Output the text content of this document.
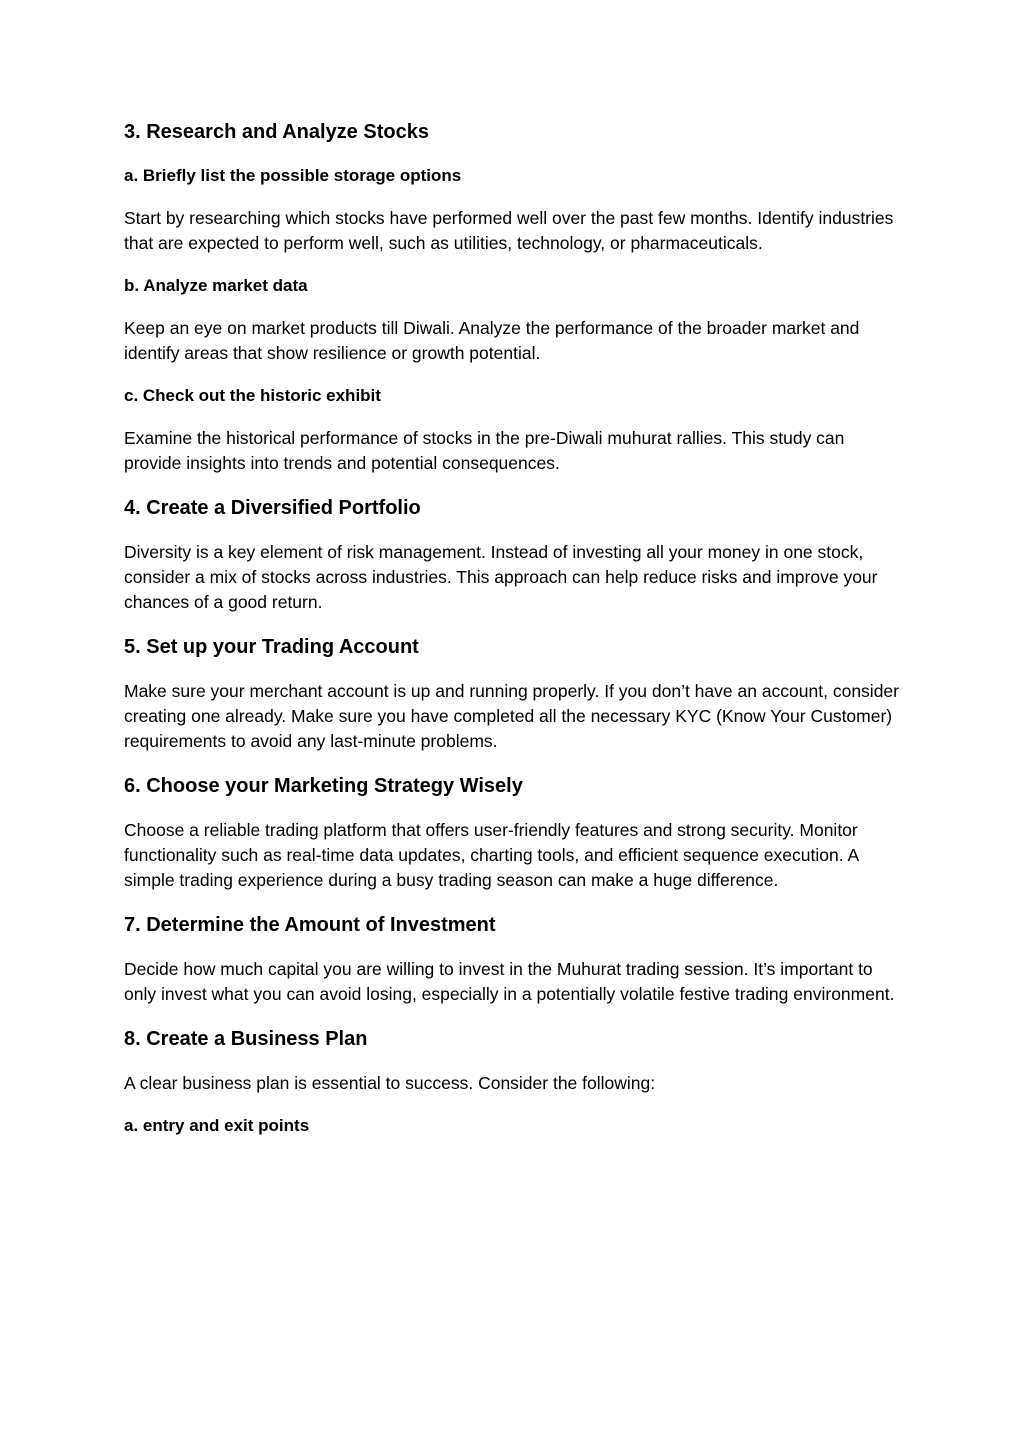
3. Research and Analyze Stocks
a. Briefly list the possible storage options

Start by researching which stocks have performed well over the past few months. Identify industries that are expected to perform well, such as utilities, technology, or pharmaceuticals.

b. Analyze market data

Keep an eye on market products till Diwali. Analyze the performance of the broader market and identify areas that show resilience or growth potential.

c. Check out the historic exhibit

Examine the historical performance of stocks in the pre-Diwali muhurat rallies. This study can provide insights into trends and potential consequences.

4. Create a Diversified Portfolio

Diversity is a key element of risk management. Instead of investing all your money in one stock, consider a mix of stocks across industries. This approach can help reduce risks and improve your chances of a good return.

5. Set up your Trading Account

Make sure your merchant account is up and running properly. If you don’t have an account, consider creating one already. Make sure you have completed all the necessary KYC (Know Your Customer) requirements to avoid any last-minute problems.

6. Choose your Marketing Strategy Wisely

Choose a reliable trading platform that offers user-friendly features and strong security. Monitor functionality such as real-time data updates, charting tools, and efficient sequence execution. A simple trading experience during a busy trading season can make a huge difference.

7. Determine the Amount of Investment

Decide how much capital you are willing to invest in the Muhurat trading session. It’s important to only invest what you can avoid losing, especially in a potentially volatile festive trading environment.

8. Create a Business Plan

A clear business plan is essential to success. Consider the following:

a. entry and exit points
